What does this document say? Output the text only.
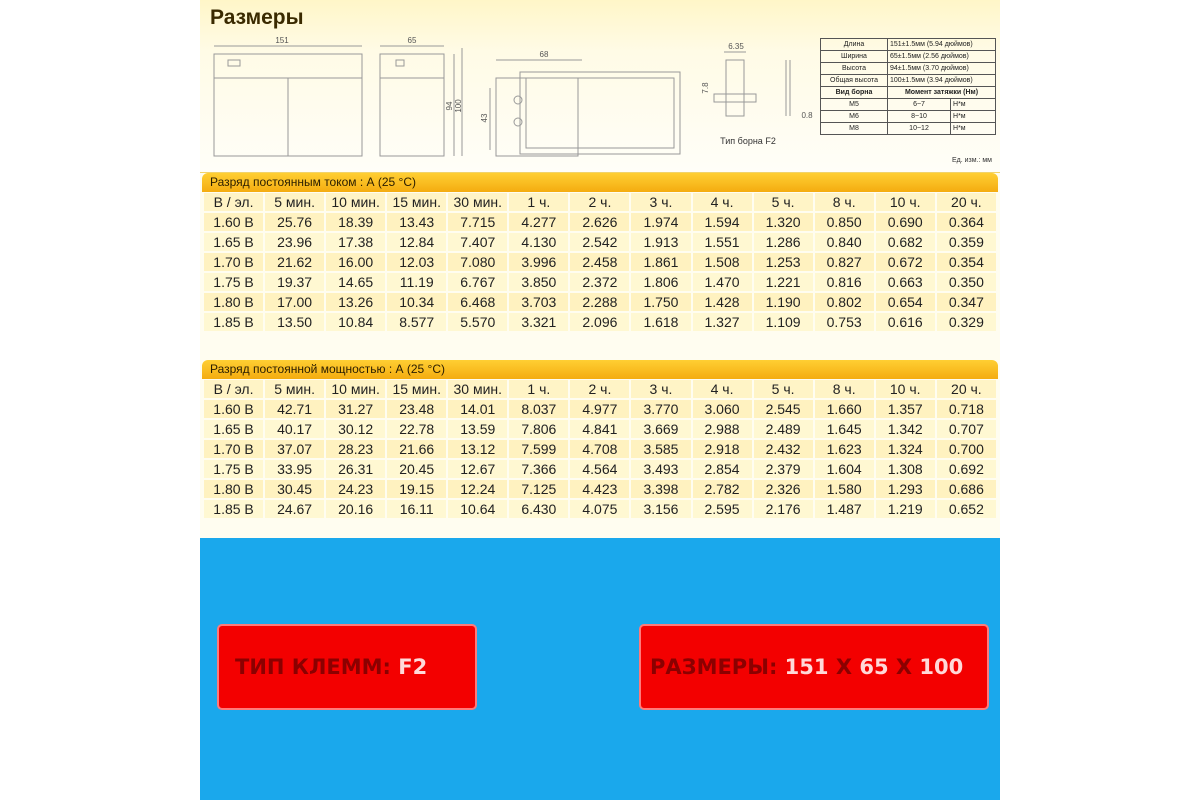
151	65
94 100
68
43
6.35
7.8
0.8
Тип борна F2
Размеры
Длина	151±1.5мм (5.94 дюймов)	
Ширина	65±1.5мм (2.56 дюймов)	
Высота	94±1.5мм (3.70 дюймов)	
Общая высота	100±1.5мм (3.94 дюймов)	
Вид борна	Момент затяжки (Нм)	
M5	6~7	Н*м
M6	8~10	Н*м
M8	10~12	Н*м
Ед. изм.: мм
Разряд постоянным током : А (25 °C)
В / эл.	5 мин.	10 мин.	15 мин.	30 мин.	1 ч.	2 ч.	3 ч.	4 ч.	5 ч.	8 ч.	10 ч.	20 ч.
1.60 В	25.76	18.39	13.43	7.715	4.277	2.626	1.974	1.594	1.320	0.850	0.690	0.364
1.65 В	23.96	17.38	12.84	7.407	4.130	2.542	1.913	1.551	1.286	0.840	0.682	0.359
1.70 В	21.62	16.00	12.03	7.080	3.996	2.458	1.861	1.508	1.253	0.827	0.672	0.354
1.75 В	19.37	14.65	11.19	6.767	3.850	2.372	1.806	1.470	1.221	0.816	0.663	0.350
1.80 В	17.00	13.26	10.34	6.468	3.703	2.288	1.750	1.428	1.190	0.802	0.654	0.347
1.85 В	13.50	10.84	8.577	5.570	3.321	2.096	1.618	1.327	1.109	0.753	0.616	0.329
Разряд постоянной мощностью : А (25 °C)
В / эл.	5 мин.	10 мин.	15 мин.	30 мин.	1 ч.	2 ч.	3 ч.	4 ч.	5 ч.	8 ч.	10 ч.	20 ч.
1.60 В	42.71	31.27	23.48	14.01	8.037	4.977	3.770	3.060	2.545	1.660	1.357	0.718
1.65 В	40.17	30.12	22.78	13.59	7.806	4.841	3.669	2.988	2.489	1.645	1.342	0.707
1.70 В	37.07	28.23	21.66	13.12	7.599	4.708	3.585	2.918	2.432	1.623	1.324	0.700
1.75 В	33.95	26.31	20.45	12.67	7.366	4.564	3.493	2.854	2.379	1.604	1.308	0.692
1.80 В	30.45	24.23	19.15	12.24	7.125	4.423	3.398	2.782	2.326	1.580	1.293	0.686
1.85 В	24.67	20.16	16.11	10.64	6.430	4.075	3.156	2.595	2.176	1.487	1.219	0.652
ТИП КЛЕММ: F2	РАЗМЕРЫ: 151 X 65 X 100
